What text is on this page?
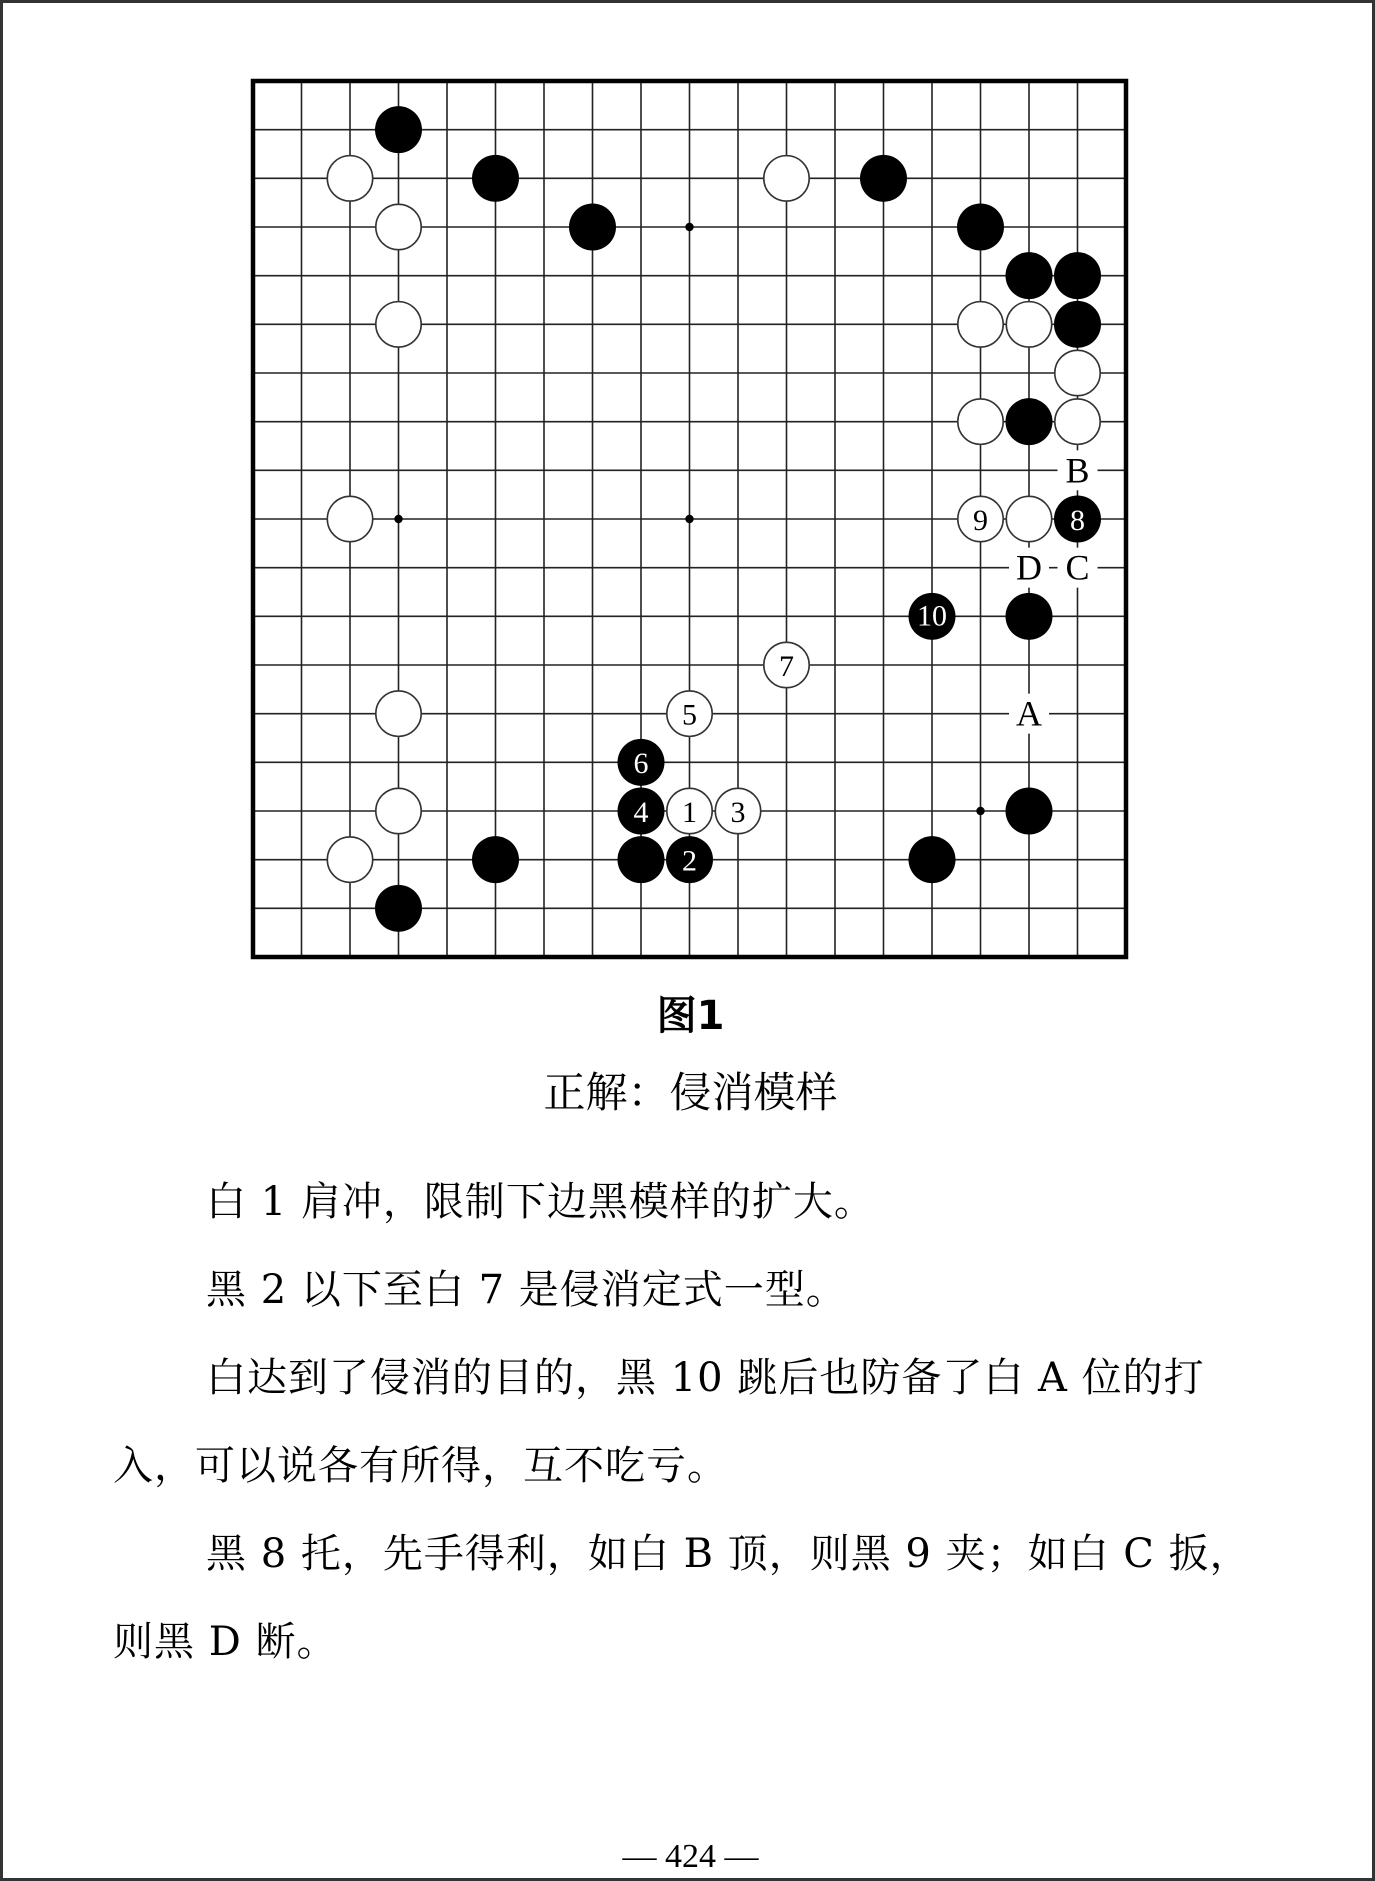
B
D C
A
9	8
10
7
5
6
4 1 3
2
图1
正解：侵消模样

白 1 肩冲，限制下边黑模样的扩大。

黑 2 以下至白 7 是侵消定式一型。

白达到了侵消的目的，黑 10 跳后也防备了白 A 位的打入，可以说各有所得，互不吃亏。

黑 8 托，先手得利，如白 B 顶，则黑 9 夹；如白 C 扳，则黑 D 断。

— 424 —
